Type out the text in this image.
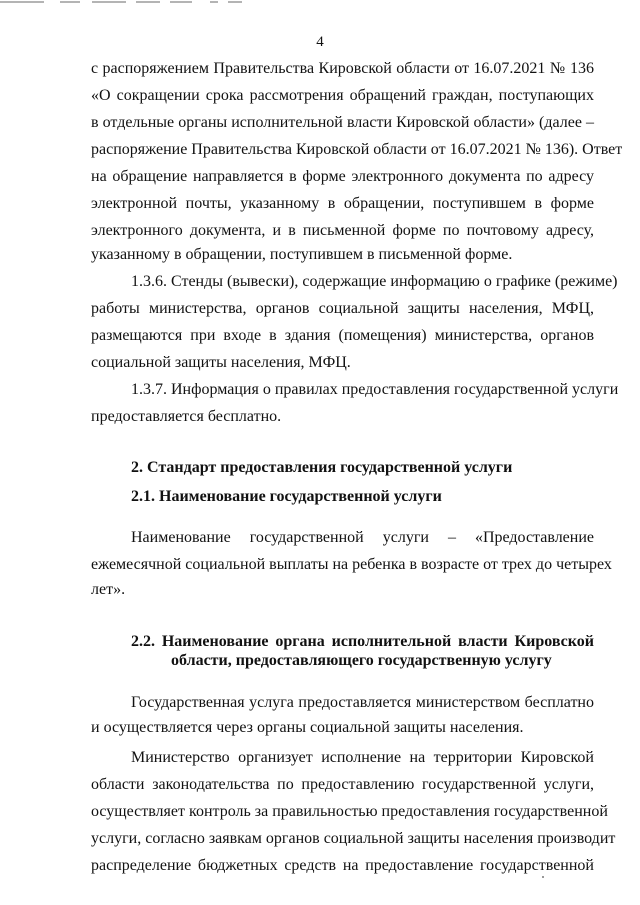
4
с распоряжением Правительства Кировской области от 16.07.2021 № 136
«О сокращении срока рассмотрения обращений граждан, поступающих
в отдельные органы исполнительной власти Кировской области» (далее –
распоряжение Правительства Кировской области от 16.07.2021 № 136). Ответ
на обращение направляется в форме электронного документа по адресу
электронной почты, указанному в обращении, поступившем в форме
электронного документа, и в письменной форме по почтовому адресу,
указанному в обращении, поступившем в письменной форме.
1.3.6. Стенды (вывески), содержащие информацию о графике (режиме)
работы министерства, органов социальной защиты населения, МФЦ,
размещаются при входе в здания (помещения) министерства, органов
социальной защиты населения, МФЦ.
1.3.7. Информация о правилах предоставления государственной услуги
предоставляется бесплатно.
2. Стандарт предоставления государственной услуги
2.1. Наименование государственной услуги
Наименование государственной услуги – «Предоставление
ежемесячной социальной выплаты на ребенка в возрасте от трех до четырех
лет».
2.2. Наименование органа исполнительной власти Кировской
области, предоставляющего государственную услугу
Государственная услуга предоставляется министерством бесплатно
и осуществляется через органы социальной защиты населения.
Министерство организует исполнение на территории Кировской
области законодательства по предоставлению государственной услуги,
осуществляет контроль за правильностью предоставления государственной
услуги, согласно заявкам органов социальной защиты населения производит
распределение бюджетных средств на предоставление государственной
